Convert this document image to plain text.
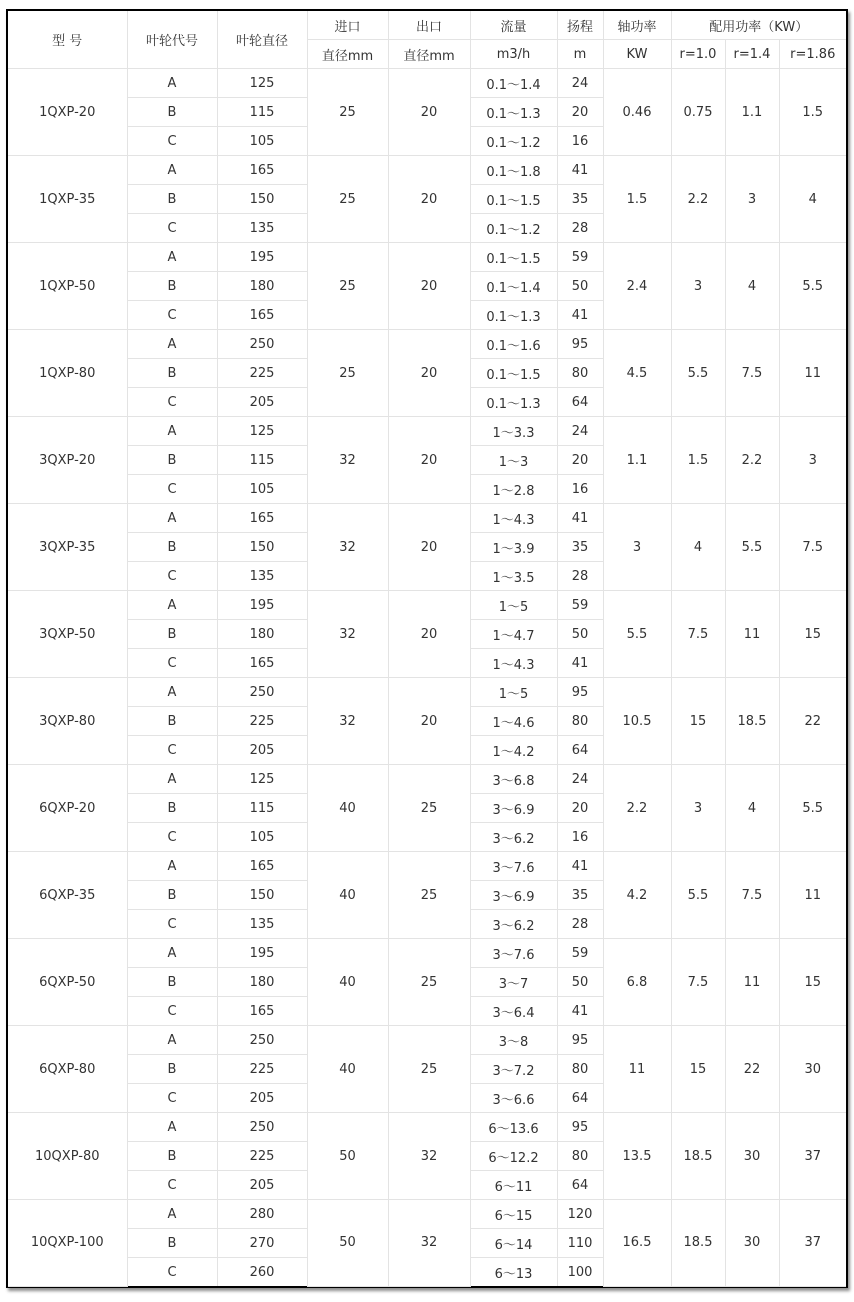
型 号	叶轮代号	叶轮直径	进口	出口	流量	扬程	轴功率	配用功率（KW）		
			直径mm	直径mm	m3/h	m	KW	r=1.0	r=1.4	r=1.86
1QXP-20	A	125	25	20	0.1～1.4	24	0.46	0.75	1.1	1.5
	B	115			0.1～1.3	20				
	C	105			0.1～1.2	16				
1QXP-35	A	165	25	20	0.1～1.8	41	1.5	2.2	3	4
	B	150			0.1～1.5	35				
	C	135			0.1～1.2	28				
1QXP-50	A	195	25	20	0.1～1.5	59	2.4	3	4	5.5
	B	180			0.1～1.4	50				
	C	165			0.1～1.3	41				
1QXP-80	A	250	25	20	0.1～1.6	95	4.5	5.5	7.5	11
	B	225			0.1～1.5	80				
	C	205			0.1～1.3	64				
3QXP-20	A	125	32	20	1～3.3	24	1.1	1.5	2.2	3
	B	115			1～3	20				
	C	105			1～2.8	16				
3QXP-35	A	165	32	20	1～4.3	41	3	4	5.5	7.5
	B	150			1～3.9	35				
	C	135			1～3.5	28				
3QXP-50	A	195	32	20	1～5	59	5.5	7.5	11	15
	B	180			1～4.7	50				
	C	165			1～4.3	41				
3QXP-80	A	250	32	20	1～5	95	10.5	15	18.5	22
	B	225			1～4.6	80				
	C	205			1～4.2	64				
6QXP-20	A	125	40	25	3～6.8	24	2.2	3	4	5.5
	B	115			3～6.9	20				
	C	105			3～6.2	16				
6QXP-35	A	165	40	25	3～7.6	41	4.2	5.5	7.5	11
	B	150			3～6.9	35				
	C	135			3～6.2	28				
6QXP-50	A	195	40	25	3～7.6	59	6.8	7.5	11	15
	B	180			3～7	50				
	C	165			3～6.4	41				
6QXP-80	A	250	40	25	3～8	95	11	15	22	30
	B	225			3～7.2	80				
	C	205			3～6.6	64				
10QXP-80	A	250	50	32	6～13.6	95	13.5	18.5	30	37
	B	225			6～12.2	80				
	C	205			6～11	64				
10QXP-100	A	280	50	32	6～15	120	16.5	18.5	30	37
	B	270			6～14	110				
	C	260			6～13	100				
